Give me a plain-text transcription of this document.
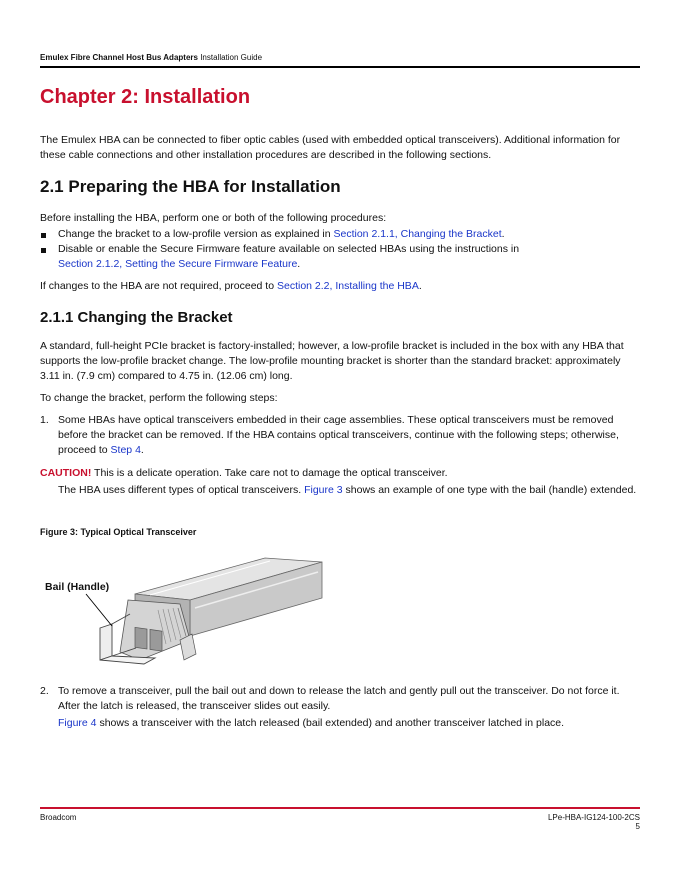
Emulex Fibre Channel Host Bus Adapters Installation Guide
Chapter 2: Installation

The Emulex HBA can be connected to fiber optic cables (used with embedded optical transceivers). Additional information for these cable connections and other installation procedures are described in the following sections.

2.1 Preparing the HBA for Installation

Before installing the HBA, perform one or both of the following procedures:

Change the bracket to a low-profile version as explained in Section 2.1.1, Changing the Bracket.

Disable or enable the Secure Firmware feature available on selected HBAs using the instructions in
Section 2.1.2, Setting the Secure Firmware Feature.

If changes to the HBA are not required, proceed to Section 2.2, Installing the HBA.

2.1.1 Changing the Bracket

A standard, full-height PCIe bracket is factory-installed; however, a low-profile bracket is included in the box with any HBA that supports the low-profile bracket change. The low-profile mounting bracket is shorter than the standard bracket: approximately 3.11 in. (7.9 cm) compared to 4.75 in. (12.06 cm) long.

To change the bracket, perform the following steps:

1. Some HBAs have optical transceivers embedded in their cage assemblies. These optical transceivers must be removed before the bracket can be removed. If the HBA contains optical transceivers, continue with the following steps; otherwise, proceed to Step 4.

CAUTION! This is a delicate operation. Take care not to damage the optical transceiver.

The HBA uses different types of optical transceivers. Figure 3 shows an example of one type with the bail (handle) extended.

Figure 3: Typical Optical Transceiver
Bail (Handle)
2. To remove a transceiver, pull the bail out and down to release the latch and gently pull out the transceiver. Do not force it. After the latch is released, the transceiver slides out easily.

Figure 4 shows a transceiver with the latch released (bail extended) and another transceiver latched in place.

Broadcom	LPe-HBA-IG124-100-2CS
5
